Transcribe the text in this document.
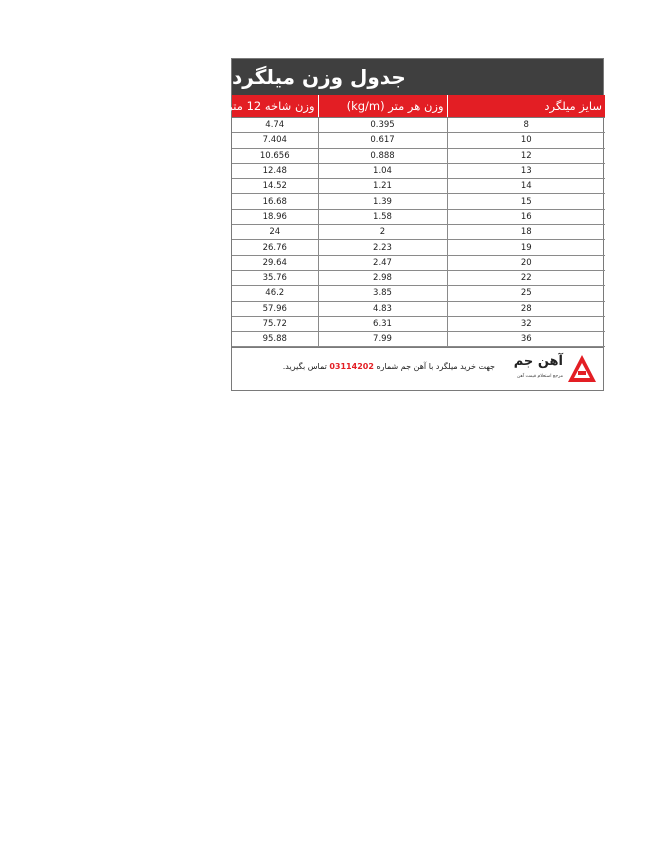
جدول وزن میلگرد
سایز میلگرد	وزن هر متر (kg/m)	وزن شاخه 12 متری (kg)
8	0.395	4.74
10	0.617	7.404
12	0.888	10.656
13	1.04	12.48
14	1.21	14.52
15	1.39	16.68
16	1.58	18.96
18	2	24
19	2.23	26.76
20	2.47	29.64
22	2.98	35.76
25	3.85	46.2
28	4.83	57.96
32	6.31	75.72
36	7.99	95.88
آهن جم
مرجع استعلام قیمت آهن
جهت خرید میلگرد با آهن جم شماره 03114202 تماس بگیرید.
